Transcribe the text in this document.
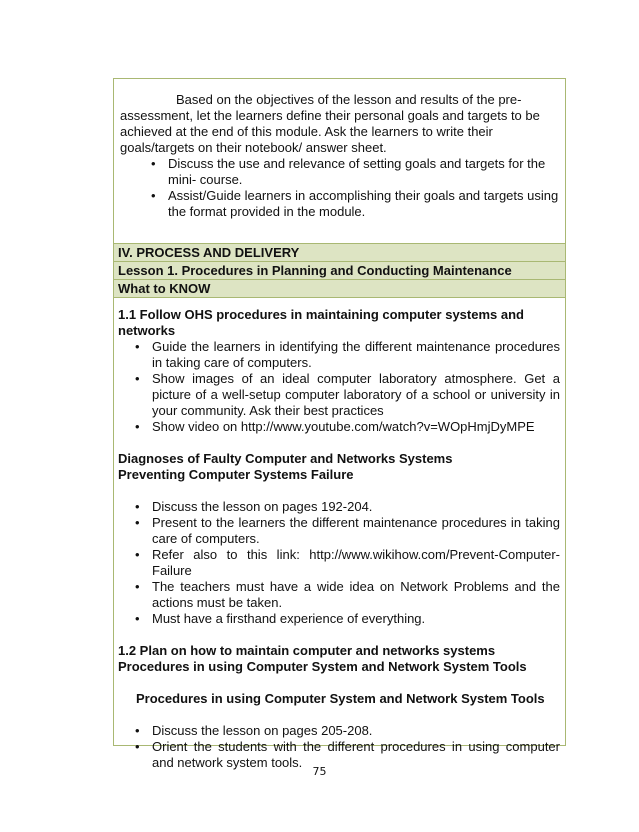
Based on the objectives of the lesson and results of the pre-assessment, let the learners define their personal goals and targets to be achieved at the end of this module. Ask the learners to write their goals/targets on their notebook/ answer sheet.

• Discuss the use and relevance of setting goals and targets for the mini- course.
• Assist/Guide learners in accomplishing their goals and targets using the format provided in the module.
IV. PROCESS AND DELIVERY
Lesson 1. Procedures in Planning and Conducting Maintenance
What to KNOW

1.1 Follow OHS procedures in maintaining computer systems and networks

• Guide the learners in identifying the different maintenance procedures in taking care of computers.
• Show images of an ideal computer laboratory atmosphere. Get a picture of a well-setup computer laboratory of a school or university in your community. Ask their best practices
• Show video on http://www.youtube.com/watch?v=WOpHmjDyMPE

Diagnoses of Faulty Computer and Networks Systems

Preventing Computer Systems Failure

• Discuss the lesson on pages 192-204.
• Present to the learners the different maintenance procedures in taking care of computers.
• Refer also to this link: http://www.wikihow.com/Prevent-Computer-Failure
• The teachers must have a wide idea on Network Problems and the actions must be taken.
• Must have a firsthand experience of everything.

1.2 Plan on how to maintain computer and networks systems

Procedures in using Computer System and Network System Tools

Procedures in using Computer System and Network System Tools

• Discuss the lesson on pages 205-208.
• Orient the students with the different procedures in using computer and network system tools.
75
